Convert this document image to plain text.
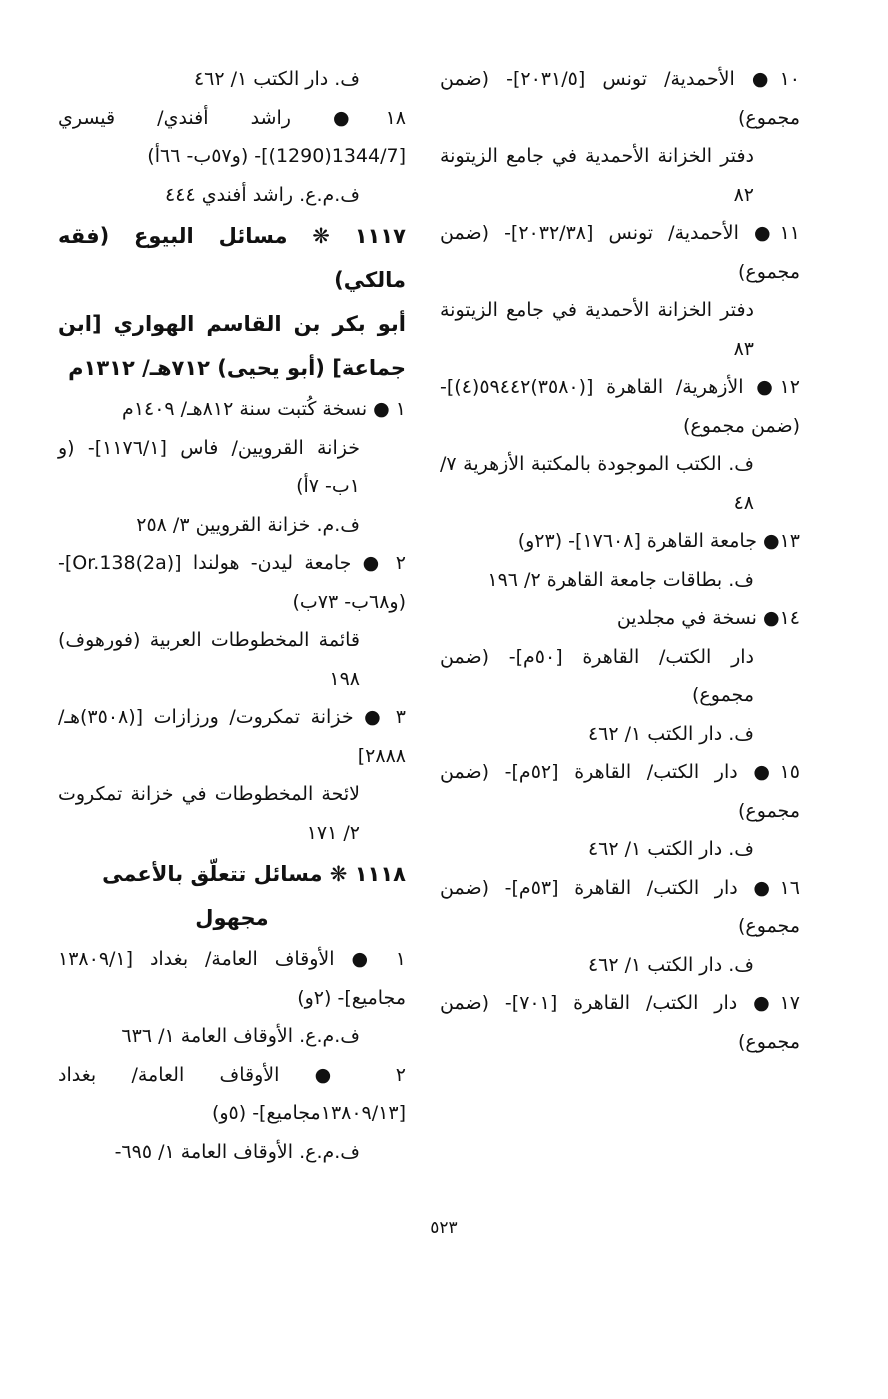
١٠● الأحمدية/ تونس [٢٠٣١/٥]- (ضمن مجموع)

دفتر الخزانة الأحمدية في جامع الزيتونة ٨٢

١١● الأحمدية/ تونس [٢٠٣٢/٣٨]- (ضمن مجموع)

دفتر الخزانة الأحمدية في جامع الزيتونة ٨٣

١٢● الأزهرية/ القاهرة [(٣٥٨٠)٥٩٤٤٢(٤)]- (ضمن مجموع)

ف. الكتب الموجودة بالمكتبة الأزهرية ٧/ ٤٨

١٣● جامعة القاهرة [١٧٦٠٨]- (٢٣و)

ف. بطاقات جامعة القاهرة ٢/ ١٩٦

١٤● نسخة في مجلدين

دار الكتب/ القاهرة [٥٠م]- (ضمن مجموع)

ف. دار الكتب ١/ ٤٦٢

١٥● دار الكتب/ القاهرة [٥٢م]- (ضمن مجموع)

ف. دار الكتب ١/ ٤٦٢

١٦● دار الكتب/ القاهرة [٥٣م]- (ضمن مجموع)

ف. دار الكتب ١/ ٤٦٢

١٧● دار الكتب/ القاهرة [٧٠١]- (ضمن مجموع)

ف. دار الكتب ١/ ٤٦٢

١٨● راشد أفندي/ قيسري [1344/7(1290)]- (و٥٧ب- ٦٦أ)

ف.م.ع. راشد أفندي ٤٤٤

١١١٧ ❋ مسائل البيوع (فقه مالكي)

أبو بكر بن القاسم الهواري [ابن جماعة] (أبو يحيى) ٧١٢هـ/ ١٣١٢م

١ ● نسخة كُتبت سنة ٨١٢هـ/ ١٤٠٩م

خزانة القرويين/ فاس [١١٧٦/١]- (و ١ب- ٧أ)

ف.م. خزانة القرويين ٣/ ٢٥٨

٢ ● جامعة ليدن- هولندا [Or.138(2a)]- (و٦٨ب- ٧٣ب)

قائمة المخطوطات العربية (فورهوف) ١٩٨

٣ ● خزانة تمكروت/ ورزازات [(٣٥٠٨)هـ/٢٨٨٨]

لائحة المخطوطات في خزانة تمكروت ٢/ ١٧١

١١١٨ ❋ مسائل تتعلّق بالأعمى

مجهول

١ ● الأوقاف العامة/ بغداد [١٣٨٠٩/١ مجاميع]- (٢و)

ف.م.ع. الأوقاف العامة ١/ ٦٣٦

٢ ● الأوقاف العامة/ بغداد [١٣٨٠٩/١٣مجاميع]- (٥و)

ف.م.ع. الأوقاف العامة ١/ ٦٩٥-

٥٢٣
